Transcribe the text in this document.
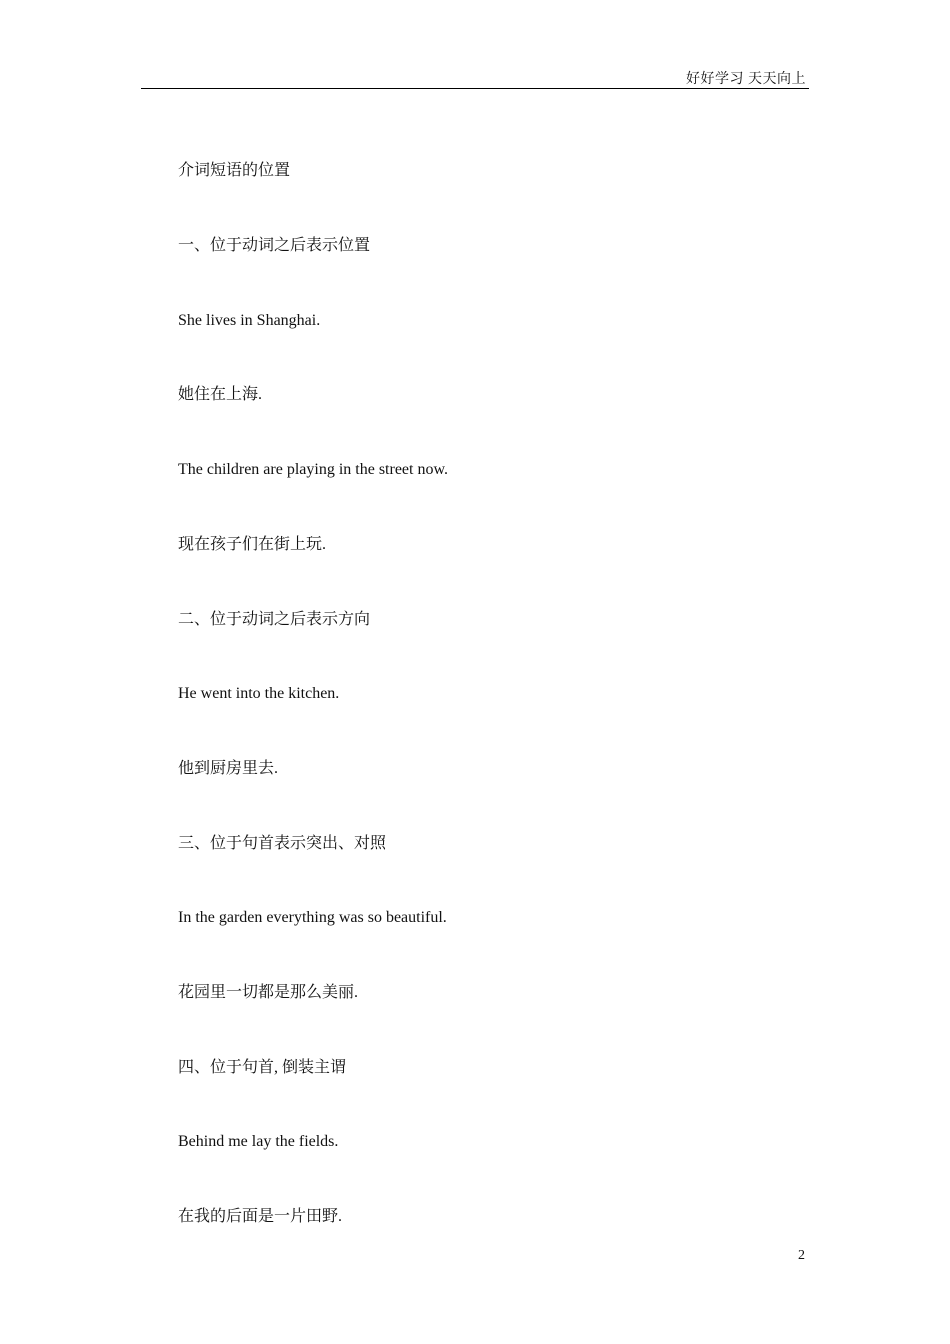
好好学习 天天向上
介词短语的位置
一、位于动词之后表示位置
She lives in Shanghai.
她住在上海.
The children are playing in the street now.
现在孩子们在街上玩.
二、位于动词之后表示方向
He went into the kitchen.
他到厨房里去.
三、位于句首表示突出、对照
In the garden everything was so beautiful.
花园里一切都是那么美丽.
四、位于句首, 倒装主谓
Behind me lay the fields.
在我的后面是一片田野.
2
